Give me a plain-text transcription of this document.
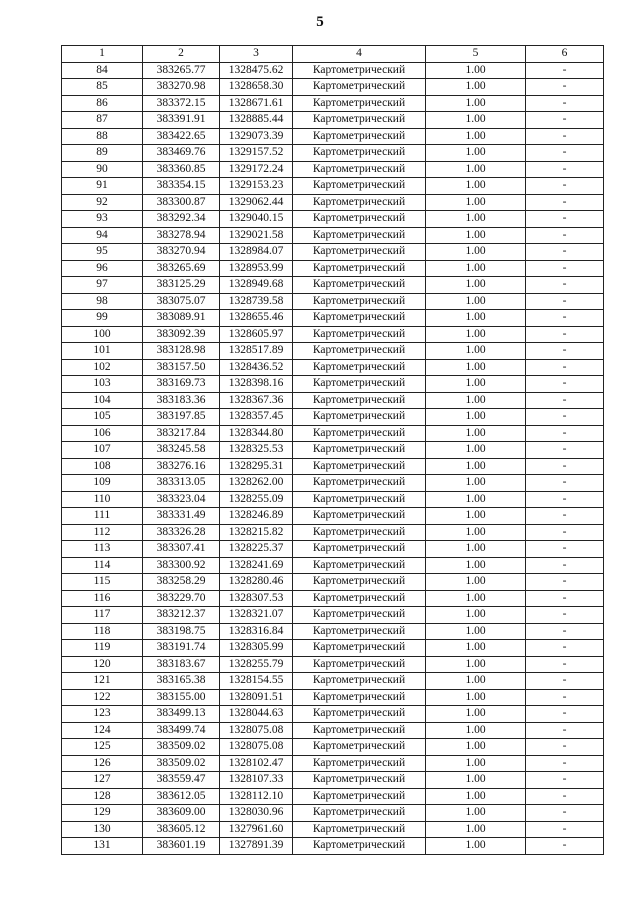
5
1	2	3	4	5	6
84	383265.77	1328475.62	Картометрический	1.00	-
85	383270.98	1328658.30	Картометрический	1.00	-
86	383372.15	1328671.61	Картометрический	1.00	-
87	383391.91	1328885.44	Картометрический	1.00	-
88	383422.65	1329073.39	Картометрический	1.00	-
89	383469.76	1329157.52	Картометрический	1.00	-
90	383360.85	1329172.24	Картометрический	1.00	-
91	383354.15	1329153.23	Картометрический	1.00	-
92	383300.87	1329062.44	Картометрический	1.00	-
93	383292.34	1329040.15	Картометрический	1.00	-
94	383278.94	1329021.58	Картометрический	1.00	-
95	383270.94	1328984.07	Картометрический	1.00	-
96	383265.69	1328953.99	Картометрический	1.00	-
97	383125.29	1328949.68	Картометрический	1.00	-
98	383075.07	1328739.58	Картометрический	1.00	-
99	383089.91	1328655.46	Картометрический	1.00	-
100	383092.39	1328605.97	Картометрический	1.00	-
101	383128.98	1328517.89	Картометрический	1.00	-
102	383157.50	1328436.52	Картометрический	1.00	-
103	383169.73	1328398.16	Картометрический	1.00	-
104	383183.36	1328367.36	Картометрический	1.00	-
105	383197.85	1328357.45	Картометрический	1.00	-
106	383217.84	1328344.80	Картометрический	1.00	-
107	383245.58	1328325.53	Картометрический	1.00	-
108	383276.16	1328295.31	Картометрический	1.00	-
109	383313.05	1328262.00	Картометрический	1.00	-
110	383323.04	1328255.09	Картометрический	1.00	-
111	383331.49	1328246.89	Картометрический	1.00	-
112	383326.28	1328215.82	Картометрический	1.00	-
113	383307.41	1328225.37	Картометрический	1.00	-
114	383300.92	1328241.69	Картометрический	1.00	-
115	383258.29	1328280.46	Картометрический	1.00	-
116	383229.70	1328307.53	Картометрический	1.00	-
117	383212.37	1328321.07	Картометрический	1.00	-
118	383198.75	1328316.84	Картометрический	1.00	-
119	383191.74	1328305.99	Картометрический	1.00	-
120	383183.67	1328255.79	Картометрический	1.00	-
121	383165.38	1328154.55	Картометрический	1.00	-
122	383155.00	1328091.51	Картометрический	1.00	-
123	383499.13	1328044.63	Картометрический	1.00	-
124	383499.74	1328075.08	Картометрический	1.00	-
125	383509.02	1328075.08	Картометрический	1.00	-
126	383509.02	1328102.47	Картометрический	1.00	-
127	383559.47	1328107.33	Картометрический	1.00	-
128	383612.05	1328112.10	Картометрический	1.00	-
129	383609.00	1328030.96	Картометрический	1.00	-
130	383605.12	1327961.60	Картометрический	1.00	-
131	383601.19	1327891.39	Картометрический	1.00	-
